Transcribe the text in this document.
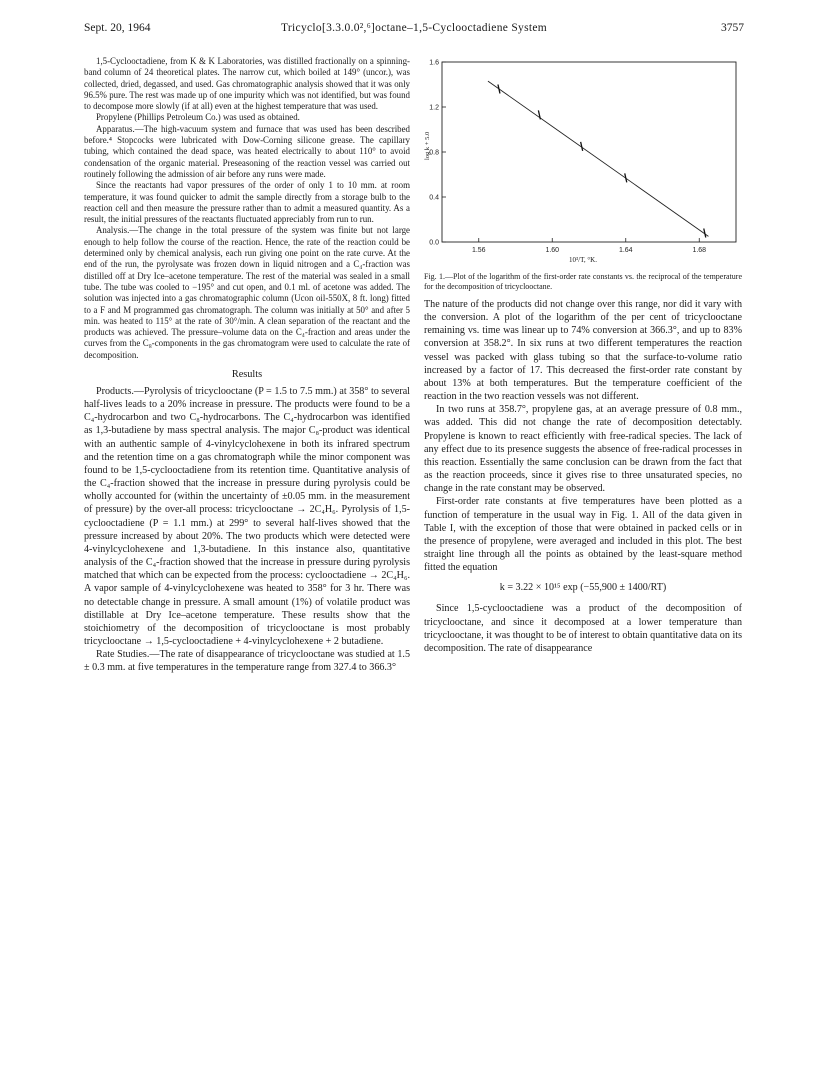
Sept. 20, 1964	Tricyclo[3.3.0.0²,⁶]octane–1,5-Cyclooctadiene System	3757

1,5-Cyclooctadiene, from K & K Laboratories, was distilled fractionally on a spinning-band column of 24 theoretical plates. The narrow cut, which boiled at 149° (uncor.), was collected, dried, degassed, and used. Gas chromatographic analysis showed that it was only 96.5% pure. The rest was made up of one impurity which was not identified, but was found to decompose more slowly (if at all) even at the highest temperature that was used.

Propylene (Phillips Petroleum Co.) was used as obtained.

Apparatus.—The high-vacuum system and furnace that was used has been described before.⁴ Stopcocks were lubricated with Dow-Corning silicone grease. The capillary tubing, which contained the dead space, was heated electrically to about 110° to avoid condensation of the organic material. Preseasoning of the reaction vessel was carried out routinely following the admission of air before any runs were made.

Since the reactants had vapor pressures of the order of only 1 to 10 mm. at room temperature, it was found quicker to admit the sample directly from a storage bulb to the reaction cell and then measure the pressure rather than to admit a measured quantity. As a result, the initial pressures of the reactants fluctuated appreciably from run to run.

Analysis.—The change in the total pressure of the system was finite but not large enough to help follow the course of the reaction. Hence, the rate of the reaction could be determined only by chemical analysis, each run giving one point on the rate curve. At the end of the run, the pyrolysate was frozen down in liquid nitrogen and a C₄-fraction was distilled off at Dry Ice–acetone temperature. The rest of the material was sealed in a small tube. The tube was cooled to −195° and cut open, and 0.1 ml. of acetone was added. The solution was injected into a gas chromatographic column (Ucon oil-550X, 8 ft. long) fitted to a F and M programmed gas chromatograph. The column was initially at 50° and after 5 min. was heated to 115° at the rate of 30°/min. A clean separation of the reactant and the products was achieved. The pressure–volume data on the C₄-fraction and areas under the curves from the C₈-components in the gas chromatogram were used to calculate the rate of decomposition.

Results

Products.—Pyrolysis of tricyclooctane (P = 1.5 to 7.5 mm.) at 358° to several half-lives leads to a 20% increase in pressure. The products were found to be a C₄-hydrocarbon and two C₈-hydrocarbons. The C₄-hydrocarbon was identified as 1,3-butadiene by mass spectral analysis. The major C₈-product was identical with an authentic sample of 4-vinylcyclohexene in both its infrared spectrum and the retention time on a gas chromatograph while the minor component was found to be 1,5-cyclooctadiene from its retention time. Quantitative analysis of the C₄-fraction showed that the increase in pressure during pyrolysis could be wholly accounted for (within the uncertainty of ±0.05 mm. in the measurement of pressure) by the over-all process: tricyclooctane → 2C₄H₆. Pyrolysis of 1,5-cyclooctadiene (P = 1.1 mm.) at 299° to several half-lives showed that the pressure increased by about 20%. The two products which were detected were 4-vinylcyclohexene and 1,3-butadiene. In this instance also, quantitative analysis of the C₄-fraction showed that the increase in pressure during pyrolysis matched that which can be expected from the process: cyclooctadiene → 2C₄H₆. A vapor sample of 4-vinylcyclohexene was heated to 358° for 3 hr. There was no detectable change in pressure. A small amount (1%) of volatile product was distillable at Dry Ice–acetone temperature. These results show that the stoichiometry of the decomposition of tricyclooctane is most probably tricyclooctane → 1,5-cyclooctadiene + 4-vinylcyclohexene + 2 butadiene.

Rate Studies.—The rate of disappearance of tricyclooctane was studied at 1.5 ± 0.3 mm. at five temperatures in the temperature range from 327.4 to 366.3°

1.6
1.2
0.8
0.4
0.0
1.56	1.60	1.64	1.68
log k + 5.0
10³/T, °K.
Fig. 1.—Plot of the logarithm of the first-order rate constants vs. the reciprocal of the temperature for the decomposition of tricyclooctane.

The nature of the products did not change over this range, nor did it vary with the conversion. A plot of the logarithm of the per cent of tricyclooctane remaining vs. time was linear up to 74% conversion at 366.3°, and up to 83% conversion at 358.2°. In six runs at two different temperatures the reaction vessel was packed with glass tubing so that the surface-to-volume ratio increased by a factor of 17. This decreased the first-order rate constant by about 13% at both temperatures. But the temperature coefficient of the reaction in the two reaction vessels was not different.

In two runs at 358.7°, propylene gas, at an average pressure of 0.8 mm., was added. This did not change the rate of decomposition detectably. Propylene is known to react efficiently with free-radical species. The lack of any effect due to its presence suggests the absence of free-radical processes in this reaction. Essentially the same conclusion can be drawn from the fact that as the reaction proceeds, since it gives rise to three unsaturated species, no change in the rate constant may be observed.

First-order rate constants at five temperatures have been plotted as a function of temperature in the usual way in Fig. 1. All of the data given in Table I, with the exception of those that were obtained in packed cells or in the presence of propylene, were averaged and included in this plot. The best straight line through all the points as obtained by the least-square method fitted the equation

k = 3.22 × 10¹⁵ exp (−55,900 ± 1400/RT)

Since 1,5-cyclooctadiene was a product of the decomposition of tricyclooctane, and since it decomposed at a lower temperature than tricyclooctane, it was thought to be of interest to obtain quantitative data on its decomposition. The rate of disappearance
